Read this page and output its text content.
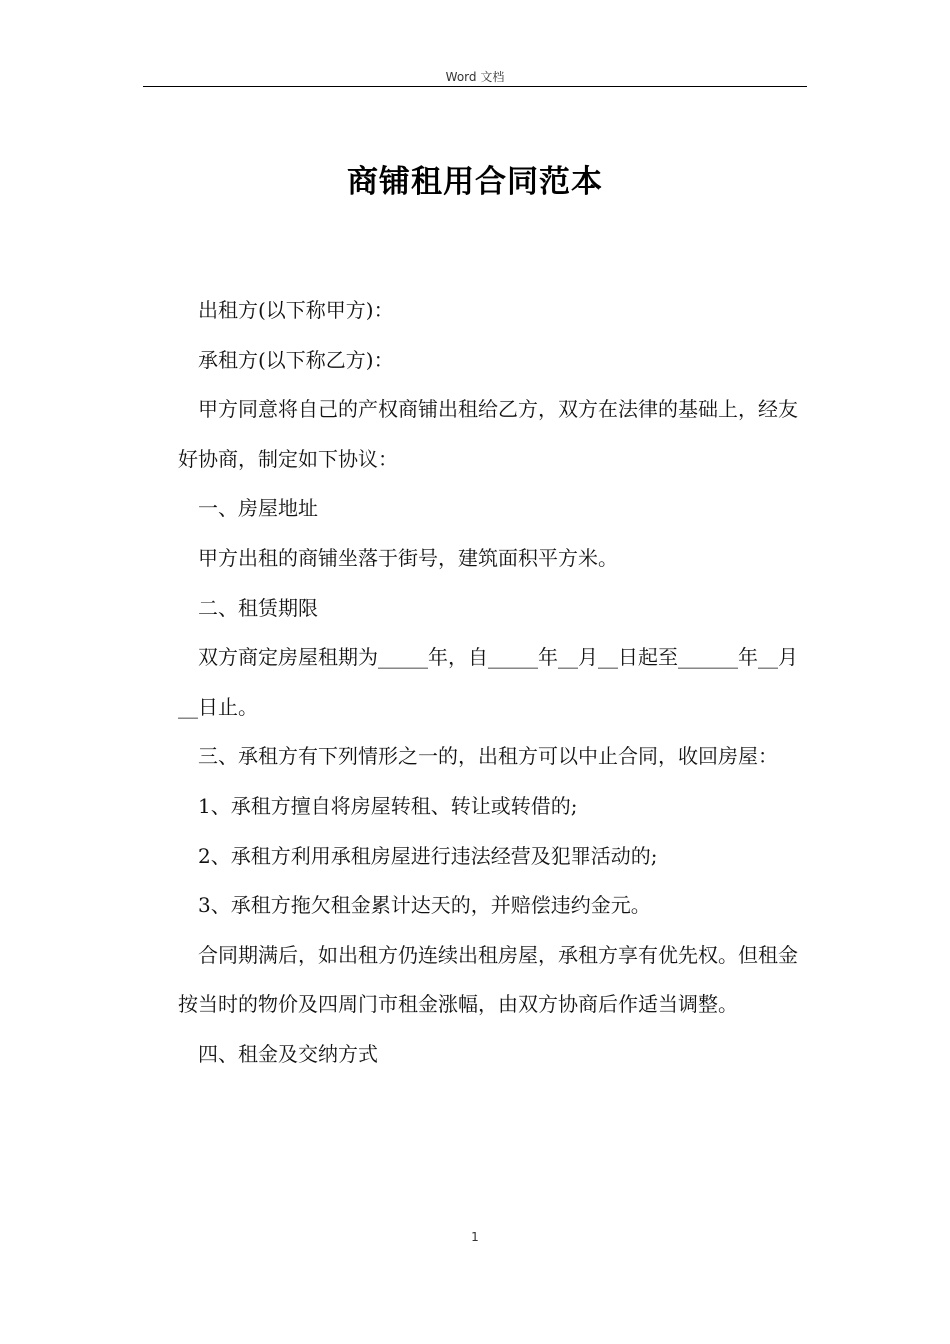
Word 文档
商铺租用合同范本

出租方(以下称甲方)：

承租方(以下称乙方)：

甲方同意将自己的产权商铺出租给乙方，双方在法律的基础上，经友好协商，制定如下协议：

一、房屋地址

甲方出租的商铺坐落于街号，建筑面积平方米。

二、租赁期限

双方商定房屋租期为_____年，自_____年__月__日起至______年__月__日止。

三、承租方有下列情形之一的，出租方可以中止合同，收回房屋：

1、承租方擅自将房屋转租、转让或转借的;

2、承租方利用承租房屋进行违法经营及犯罪活动的;

3、承租方拖欠租金累计达天的，并赔偿违约金元。

合同期满后，如出租方仍连续出租房屋，承租方享有优先权。但租金按当时的物价及四周门市租金涨幅，由双方协商后作适当调整。

四、租金及交纳方式

1
